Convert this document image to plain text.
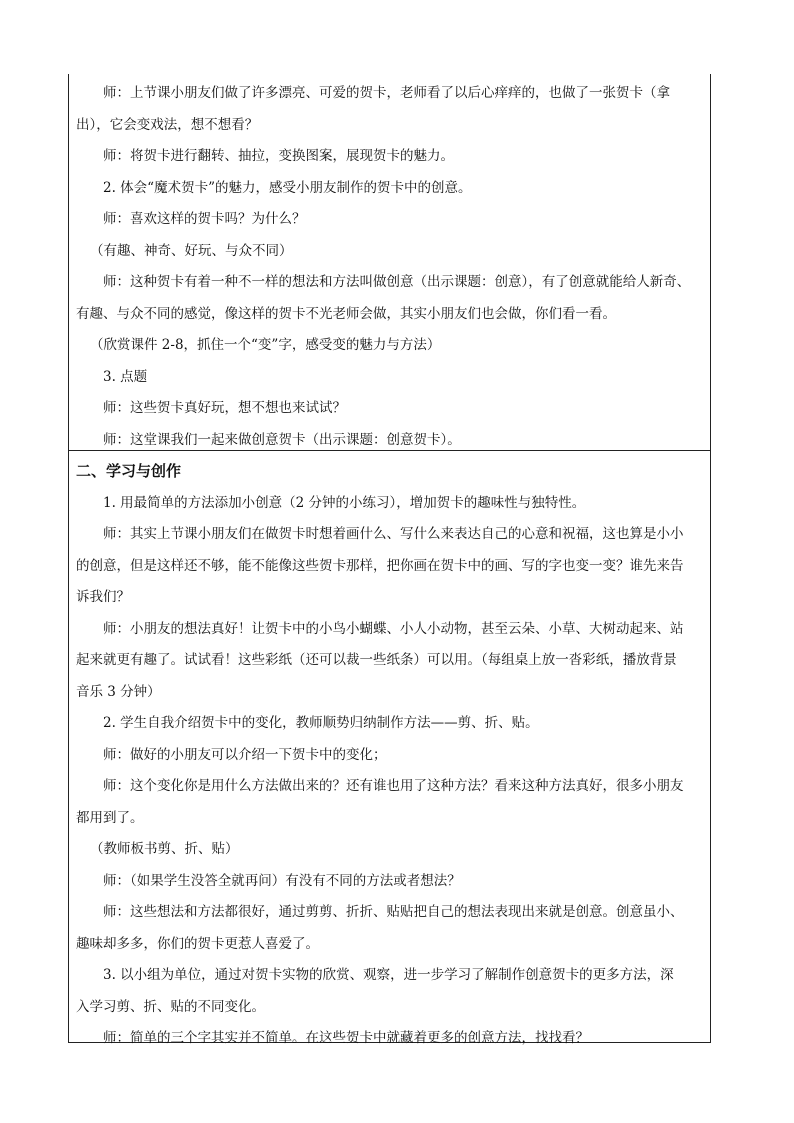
师：上节课小朋友们做了许多漂亮、可爱的贺卡，老师看了以后心痒痒的，也做了一张贺卡（拿

出），它会变戏法，想不想看？

师：将贺卡进行翻转、抽拉，变换图案，展现贺卡的魅力。

2. 体会“魔术贺卡”的魅力，感受小朋友制作的贺卡中的创意。

师：喜欢这样的贺卡吗？为什么？

（有趣、神奇、好玩、与众不同）

师：这种贺卡有着一种不一样的想法和方法叫做创意（出示课题：创意），有了创意就能给人新奇、

有趣、与众不同的感觉，像这样的贺卡不光老师会做，其实小朋友们也会做，你们看一看。

（欣赏课件 2-8，抓住一个“变”字，感受变的魅力与方法）

3. 点题

师：这些贺卡真好玩，想不想也来试试？

师：这堂课我们一起来做创意贺卡（出示课题：创意贺卡）。

二、学习与创作

1. 用最简单的方法添加小创意（2 分钟的小练习），增加贺卡的趣味性与独特性。

师：其实上节课小朋友们在做贺卡时想着画什么、写什么来表达自己的心意和祝福，这也算是小小

的创意，但是这样还不够，能不能像这些贺卡那样，把你画在贺卡中的画、写的字也变一变？谁先来告

诉我们？

师：小朋友的想法真好！让贺卡中的小鸟小蝴蝶、小人小动物，甚至云朵、小草、大树动起来、站

起来就更有趣了。试试看！这些彩纸（还可以裁一些纸条）可以用。（每组桌上放一沓彩纸，播放背景

音乐 3 分钟）

2. 学生自我介绍贺卡中的变化，教师顺势归纳制作方法——剪、折、贴。

师：做好的小朋友可以介绍一下贺卡中的变化；

师：这个变化你是用什么方法做出来的？还有谁也用了这种方法？看来这种方法真好，很多小朋友

都用到了。

（教师板书剪、折、贴）

师：（如果学生没答全就再问）有没有不同的方法或者想法？

师：这些想法和方法都很好，通过剪剪、折折、贴贴把自己的想法表现出来就是创意。创意虽小、

趣味却多多，你们的贺卡更惹人喜爱了。

3. 以小组为单位，通过对贺卡实物的欣赏、观察，进一步学习了解制作创意贺卡的更多方法，深

入学习剪、折、贴的不同变化。

师：简单的三个字其实并不简单。在这些贺卡中就藏着更多的创意方法，找找看？
